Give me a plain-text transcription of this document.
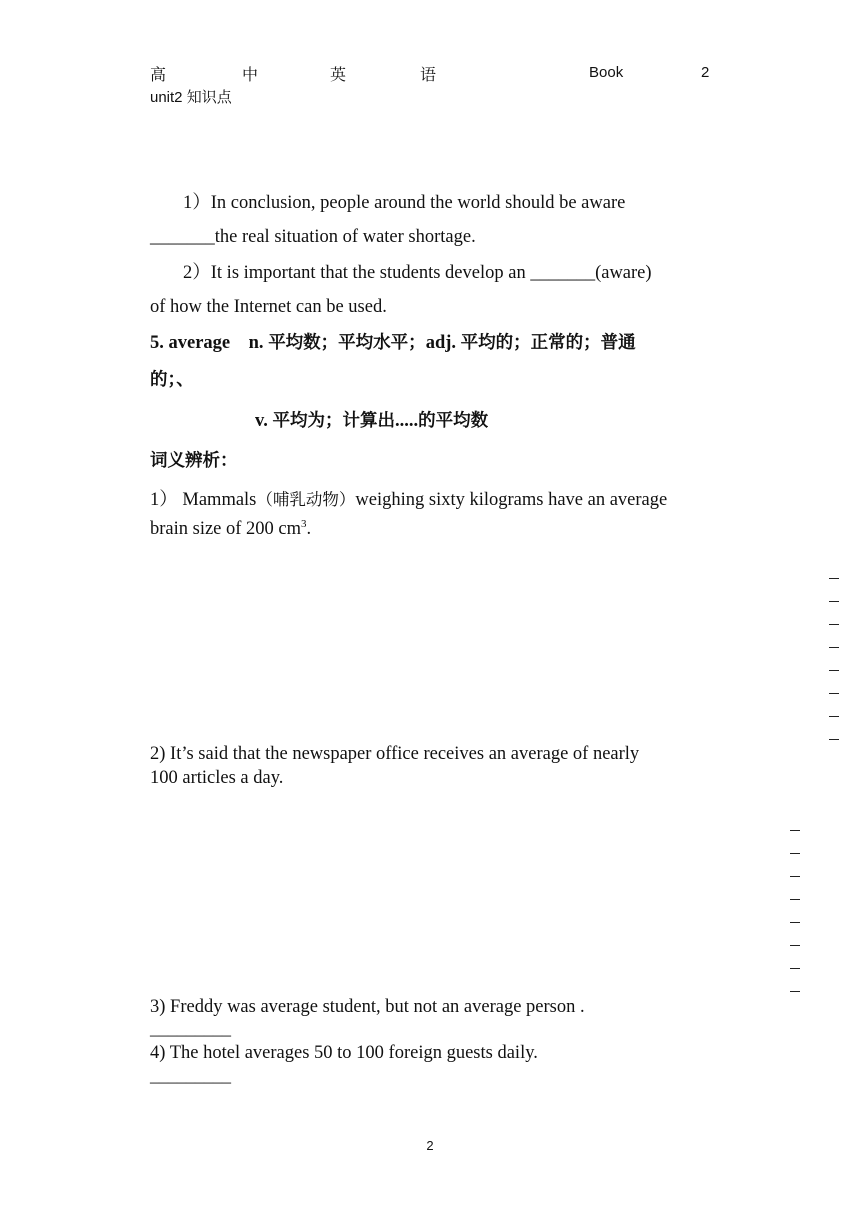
高	中	英	语	Book	2
unit2 知识点
1）In conclusion, people around the world should be aware
_______the real situation of water shortage.
2）It is important that the students develop an _______(aware)
of how the Internet can be used.
5. average n. 平均数；平均水平；adj. 平均的；正常的；普通
的；、
v. 平均为；计算出.....的平均数
词义辨析：
1） Mammals（哺乳动物）weighing sixty kilograms have an average
brain size of 200 $cm^3$.
2) It’s said that the newspaper office receives an average of nearly
100 articles a day.
3) Freddy was average student, but not an average person .
_________
4) The hotel averages 50 to 100 foreign guests daily.
_________
2
